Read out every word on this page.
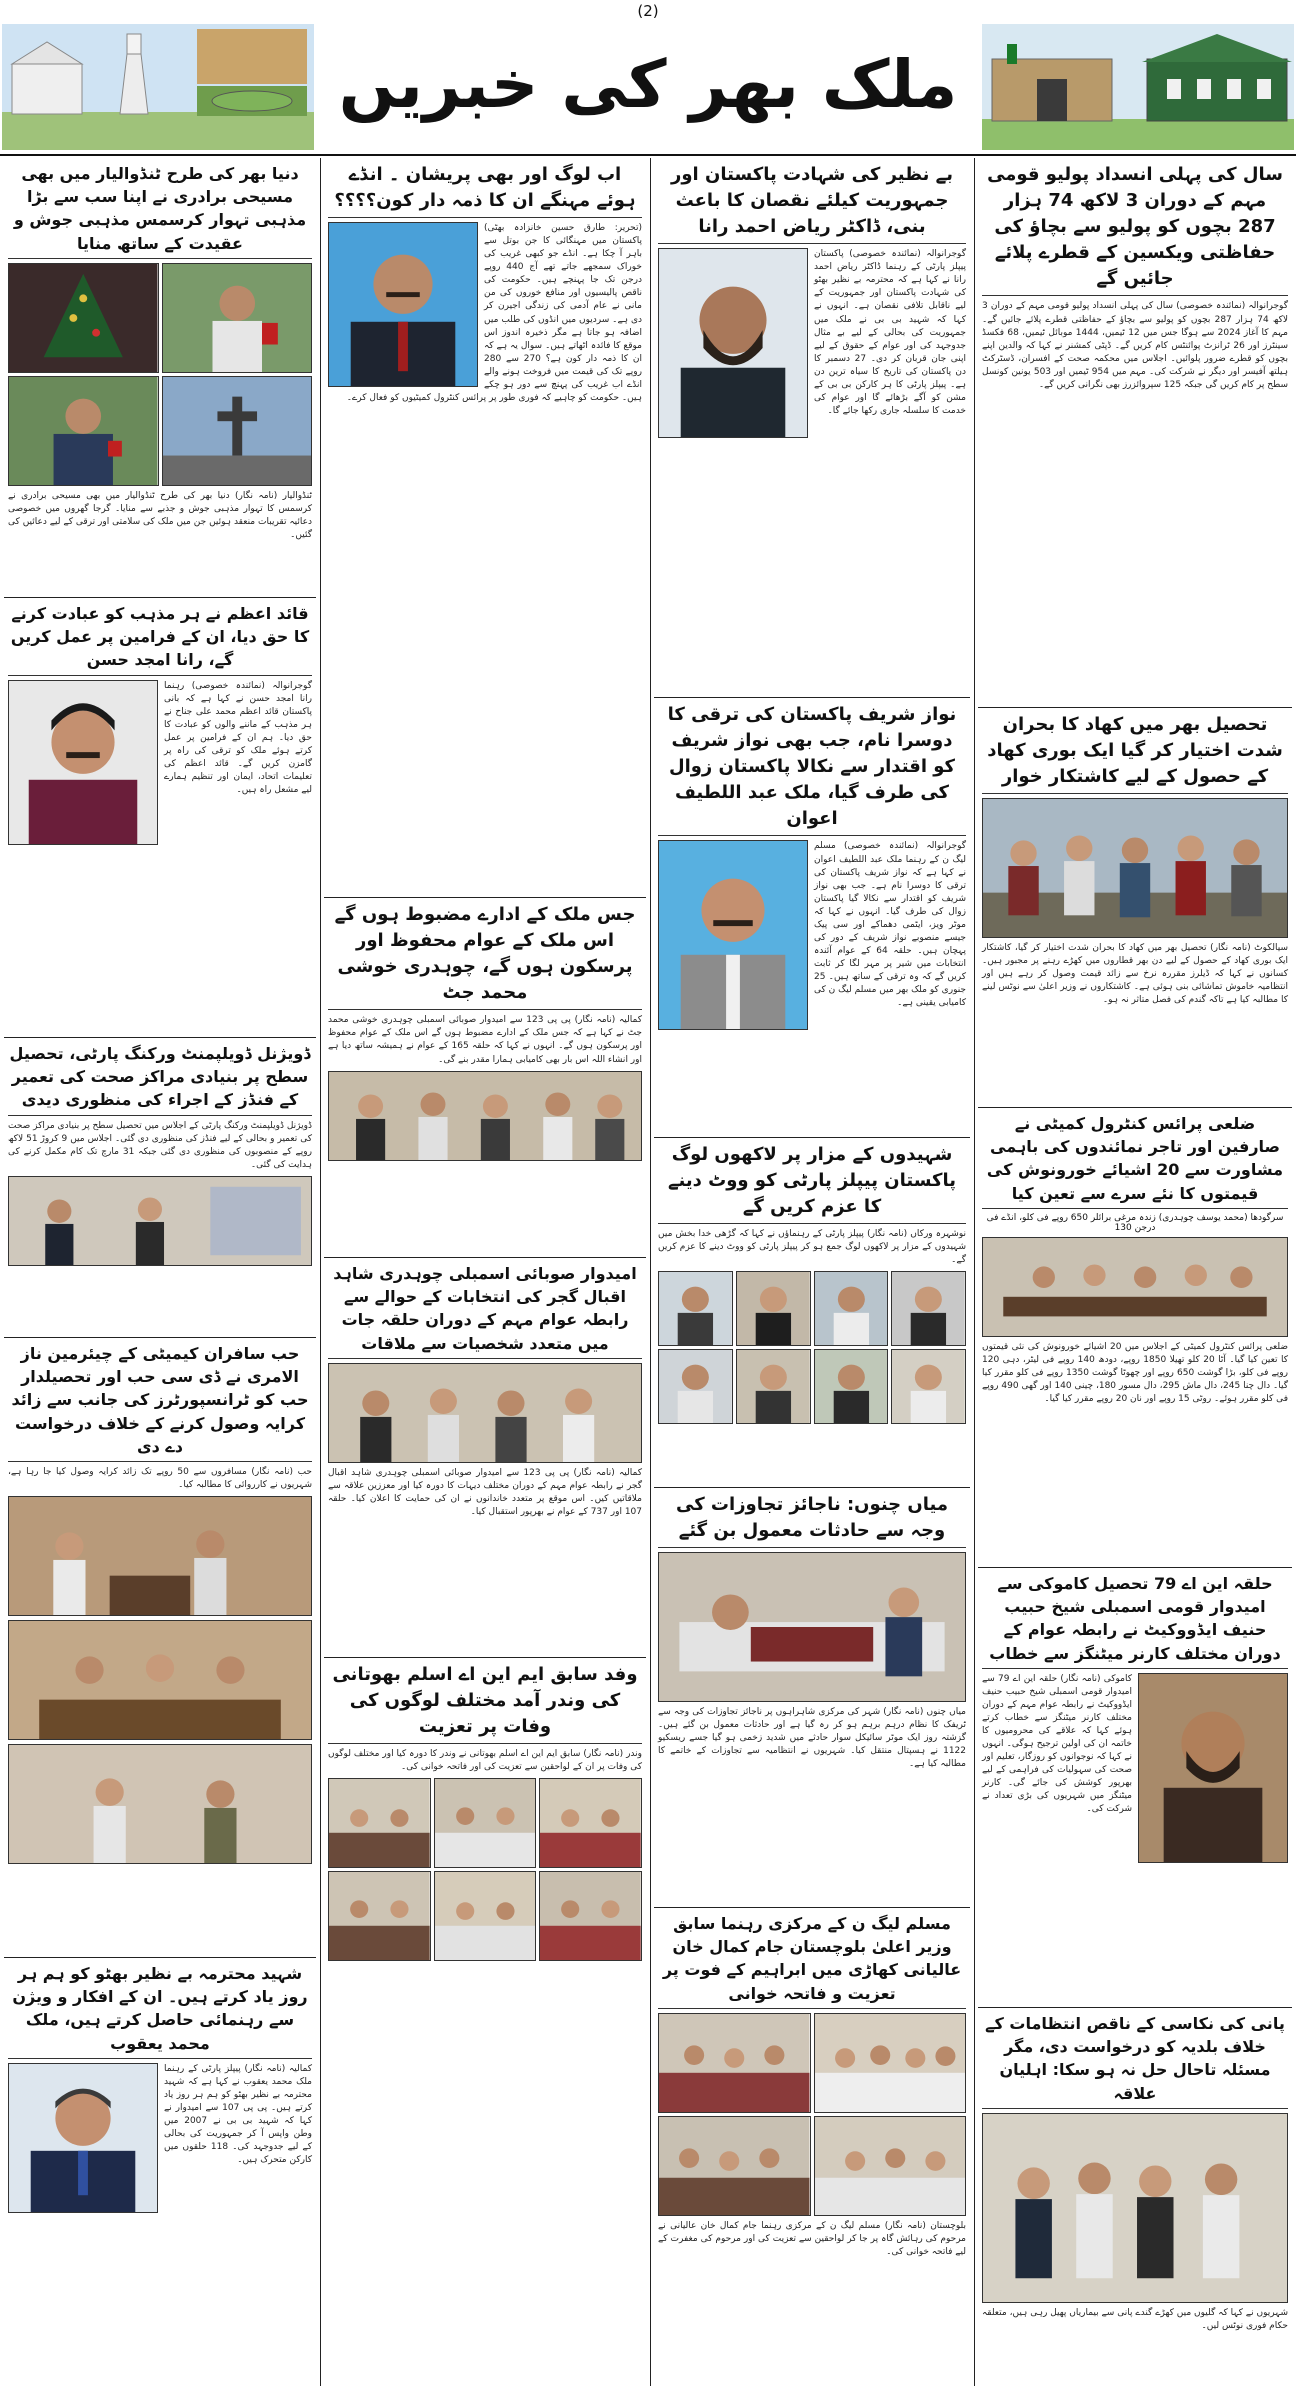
(2)
ملک بھر کی خبریں
سال کی پہلی انسداد پولیو قومی مہم کے دوران 3 لاکھ 74 ہزار 287 بچوں کو پولیو سے بچاؤ کی حفاظتی ویکسین کے قطرے پلائے جائیں گے
گوجرانوالہ (نمائندہ خصوصی) سال کی پہلی انسداد پولیو قومی مہم کے دوران 3 لاکھ 74 ہزار 287 بچوں کو پولیو سے بچاؤ کے حفاظتی قطرے پلائے جائیں گے۔ مہم کا آغاز 2024 سے ہوگا جس میں 12 ٹیمیں، 1444 موبائل ٹیمیں، 68 فکسڈ سینٹرز اور 26 ٹرانزٹ پوائنٹس کام کریں گے۔ ڈپٹی کمشنر نے کہا کہ والدین اپنے بچوں کو قطرے ضرور پلوائیں۔ اجلاس میں محکمہ صحت کے افسران، ڈسٹرکٹ ہیلتھ آفیسر اور دیگر نے شرکت کی۔ مہم میں 954 ٹیمیں اور 503 یونین کونسل سطح پر کام کریں گی جبکہ 125 سپروائزرز بھی نگرانی کریں گے۔
تحصیل بھر میں کھاد کا بحران شدت اختیار کر گیا ایک بوری کھاد کے حصول کے لیے کاشتکار خوار
سیالکوٹ (نامہ نگار) تحصیل بھر میں کھاد کا بحران شدت اختیار کر گیا، کاشتکار ایک بوری کھاد کے حصول کے لیے دن بھر قطاروں میں کھڑے رہنے پر مجبور ہیں۔ کسانوں نے کہا کہ ڈیلرز مقررہ نرخ سے زائد قیمت وصول کر رہے ہیں اور انتظامیہ خاموش تماشائی بنی ہوئی ہے۔ کاشتکاروں نے وزیر اعلیٰ سے نوٹس لینے کا مطالبہ کیا ہے تاکہ گندم کی فصل متاثر نہ ہو۔
ضلعی پرائس کنٹرول کمیٹی نے صارفین اور تاجر نمائندوں کی باہمی مشاورت سے 20 اشیائے خورونوش کی قیمتوں کا نئے سرے سے تعین کیا
سرگودھا (محمد یوسف چوہدری) زندہ مرغی برائلر 650 روپے فی کلو، انڈے فی درجن 130
ضلعی پرائس کنٹرول کمیٹی کے اجلاس میں 20 اشیائے خورونوش کی نئی قیمتوں کا تعین کیا گیا۔ آٹا 20 کلو تھیلا 1850 روپے، دودھ 140 روپے فی لیٹر، دہی 120 روپے فی کلو، بڑا گوشت 650 روپے اور چھوٹا گوشت 1350 روپے فی کلو مقرر کیا گیا۔ دال چنا 245، دال ماش 295، دال مسور 180، چینی 140 اور گھی 490 روپے فی کلو مقرر ہوئے۔ روٹی 15 روپے اور نان 20 روپے مقرر کیا گیا۔
حلقہ این اے 79 تحصیل کاموکی سے امیدوار قومی اسمبلی شیخ حبیب حنیف ایڈووکیٹ نے رابطہ عوام کے دوران مختلف کارنر میٹنگز سے خطاب
کاموکی (نامہ نگار) حلقہ این اے 79 سے امیدوار قومی اسمبلی شیخ حبیب حنیف ایڈووکیٹ نے رابطہ عوام مہم کے دوران مختلف کارنر میٹنگز سے خطاب کرتے ہوئے کہا کہ علاقے کی محرومیوں کا خاتمہ ان کی اولین ترجیح ہوگی۔ انہوں نے کہا کہ نوجوانوں کو روزگار، تعلیم اور صحت کی سہولیات کی فراہمی کے لیے بھرپور کوشش کی جائے گی۔ کارنر میٹنگز میں شہریوں کی بڑی تعداد نے شرکت کی۔
پانی کی نکاسی کے ناقص انتظامات کے خلاف بلدیہ کو درخواست دی، مگر مسئلہ تاحال حل نہ ہو سکا: اہلیان علاقہ
شہریوں نے کہا کہ گلیوں میں کھڑے گندے پانی سے بیماریاں پھیل رہی ہیں، متعلقہ حکام فوری نوٹس لیں۔
بے نظیر کی شہادت پاکستان اور جمہوریت کیلئے نقصان کا باعث بنی، ڈاکٹر ریاض احمد رانا
گوجرانوالہ (نمائندہ خصوصی) پاکستان پیپلز پارٹی کے رہنما ڈاکٹر ریاض احمد رانا نے کہا ہے کہ محترمہ بے نظیر بھٹو کی شہادت پاکستان اور جمہوریت کے لیے ناقابل تلافی نقصان ہے۔ انہوں نے کہا کہ شہید بی بی نے ملک میں جمہوریت کی بحالی کے لیے بے مثال جدوجہد کی اور عوام کے حقوق کے لیے اپنی جان قربان کر دی۔ 27 دسمبر کا دن پاکستان کی تاریخ کا سیاہ ترین دن ہے۔ پیپلز پارٹی کا ہر کارکن بی بی کے مشن کو آگے بڑھائے گا اور عوام کی خدمت کا سلسلہ جاری رکھا جائے گا۔
نواز شریف پاکستان کی ترقی کا دوسرا نام، جب بھی نواز شریف کو اقتدار سے نکالا پاکستان زوال کی طرف گیا، ملک عبد اللطیف اعوان
گوجرانوالہ (نمائندہ خصوصی) مسلم لیگ ن کے رہنما ملک عبد اللطیف اعوان نے کہا ہے کہ نواز شریف پاکستان کی ترقی کا دوسرا نام ہے۔ جب بھی نواز شریف کو اقتدار سے نکالا گیا پاکستان زوال کی طرف گیا۔ انہوں نے کہا کہ موٹر ویز، ایٹمی دھماکے اور سی پیک جیسے منصوبے نواز شریف کے دور کی پہچان ہیں۔ حلقہ 64 کے عوام آئندہ انتخابات میں شیر پر مہر لگا کر ثابت کریں گے کہ وہ ترقی کے ساتھ ہیں۔ 25 جنوری کو ملک بھر میں مسلم لیگ ن کی کامیابی یقینی ہے۔
شہیدوں کے مزار پر لاکھوں لوگ پاکستان پیپلز پارٹی کو ووٹ دینے کا عزم کریں گے
نوشہرہ ورکاں (نامہ نگار) پیپلز پارٹی کے رہنماؤں نے کہا کہ گڑھی خدا بخش میں شہیدوں کے مزار پر لاکھوں لوگ جمع ہو کر پیپلز پارٹی کو ووٹ دینے کا عزم کریں گے۔
میاں چنوں: ناجائز تجاوزات کی وجہ سے حادثات معمول بن گئے
میاں چنوں (نامہ نگار) شہر کی مرکزی شاہراہوں پر ناجائز تجاوزات کی وجہ سے ٹریفک کا نظام درہم برہم ہو کر رہ گیا ہے اور حادثات معمول بن گئے ہیں۔ گزشتہ روز ایک موٹر سائیکل سوار حادثے میں شدید زخمی ہو گیا جسے ریسکیو 1122 نے ہسپتال منتقل کیا۔ شہریوں نے انتظامیہ سے تجاوزات کے خاتمے کا مطالبہ کیا ہے۔
مسلم لیگ ن کے مرکزی رہنما سابق وزیر اعلیٰ بلوچستان جام کمال خان عالیانی کھاڑی میں ابراہیم کے فوت پر تعزیت و فاتحہ خوانی
بلوچستان (نامہ نگار) مسلم لیگ ن کے مرکزی رہنما جام کمال خان عالیانی نے مرحوم کی رہائش گاہ پر جا کر لواحقین سے تعزیت کی اور مرحوم کی مغفرت کے لیے فاتحہ خوانی کی۔
اب لوگ اور بھی پریشان ۔ انڈے ہوئے مہنگے ان کا ذمہ دار کون؟؟؟؟
(تحریر: طارق حسین خانزادہ بھٹی) پاکستان میں مہنگائی کا جن بوتل سے باہر آ چکا ہے۔ انڈے جو کبھی غریب کی خوراک سمجھے جاتے تھے آج 440 روپے درجن تک جا پہنچے ہیں۔ حکومت کی ناقص پالیسیوں اور منافع خوروں کی من مانی نے عام آدمی کی زندگی اجیرن کر دی ہے۔ سردیوں میں انڈوں کی طلب میں اضافہ ہو جاتا ہے مگر ذخیرہ اندوز اس موقع کا فائدہ اٹھاتے ہیں۔ سوال یہ ہے کہ ان کا ذمہ دار کون ہے؟ 270 سے 280 روپے تک کی قیمت میں فروخت ہونے والے انڈے اب غریب کی پہنچ سے دور ہو چکے ہیں۔ حکومت کو چاہیے کہ فوری طور پر پرائس کنٹرول کمیٹیوں کو فعال کرے۔
جس ملک کے ادارے مضبوط ہوں گے اس ملک کے عوام محفوظ اور پرسکون ہوں گے، چوہدری خوشی محمد جٹ
کمالیہ (نامہ نگار) پی پی 123 سے امیدوار صوبائی اسمبلی چوہدری خوشی محمد جٹ نے کہا ہے کہ جس ملک کے ادارے مضبوط ہوں گے اس ملک کے عوام محفوظ اور پرسکون ہوں گے۔ انہوں نے کہا کہ حلقہ 165 کے عوام نے ہمیشہ ساتھ دیا ہے اور انشاء اللہ اس بار بھی کامیابی ہمارا مقدر بنے گی۔
امیدوار صوبائی اسمبلی چوہدری شاہد اقبال گجر کی انتخابات کے حوالے سے رابطہ عوام مہم کے دوران حلقہ جات میں متعدد شخصیات سے ملاقات
کمالیہ (نامہ نگار) پی پی 123 سے امیدوار صوبائی اسمبلی چوہدری شاہد اقبال گجر نے رابطہ عوام مہم کے دوران مختلف دیہات کا دورہ کیا اور معززین علاقہ سے ملاقاتیں کیں۔ اس موقع پر متعدد خاندانوں نے ان کی حمایت کا اعلان کیا۔ حلقہ 107 اور 737 کے عوام نے بھرپور استقبال کیا۔
وفد سابق ایم این اے اسلم بھوتانی کی وندر آمد مختلف لوگوں کی وفات پر تعزیت
وندر (نامہ نگار) سابق ایم این اے اسلم بھوتانی نے وندر کا دورہ کیا اور مختلف لوگوں کی وفات پر ان کے لواحقین سے تعزیت کی اور فاتحہ خوانی کی۔
دنیا بھر کی طرح ٹنڈوالیار میں بھی مسیحی برادری نے اپنا سب سے بڑا مذہبی تہوار کرسمس مذہبی جوش و عقیدت کے ساتھ منایا
ٹنڈوالیار (نامہ نگار) دنیا بھر کی طرح ٹنڈوالیار میں بھی مسیحی برادری نے کرسمس کا تہوار مذہبی جوش و جذبے سے منایا۔ گرجا گھروں میں خصوصی دعائیہ تقریبات منعقد ہوئیں جن میں ملک کی سلامتی اور ترقی کے لیے دعائیں کی گئیں۔
قائد اعظم نے ہر مذہب کو عبادت کرنے کا حق دیا، ان کے فرامین پر عمل کریں گے، رانا امجد حسن
گوجرانوالہ (نمائندہ خصوصی) رہنما رانا امجد حسن نے کہا ہے کہ بانی پاکستان قائد اعظم محمد علی جناح نے ہر مذہب کے ماننے والوں کو عبادت کا حق دیا۔ ہم ان کے فرامین پر عمل کرتے ہوئے ملک کو ترقی کی راہ پر گامزن کریں گے۔ قائد اعظم کی تعلیمات اتحاد، ایمان اور تنظیم ہمارے لیے مشعل راہ ہیں۔
ڈویژنل ڈویلپمنٹ ورکنگ پارٹی، تحصیل سطح پر بنیادی مراکز صحت کی تعمیر کے فنڈز کے اجراء کی منظوری دیدی
ڈویژنل ڈویلپمنٹ ورکنگ پارٹی کے اجلاس میں تحصیل سطح پر بنیادی مراکز صحت کی تعمیر و بحالی کے لیے فنڈز کی منظوری دی گئی۔ اجلاس میں 9 کروڑ 51 لاکھ روپے کے منصوبوں کی منظوری دی گئی جبکہ 31 مارچ تک کام مکمل کرنے کی ہدایت کی گئی۔
حب سافران کیمیٹی کے چیئرمین ناز الامری نے ڈی سی حب اور تحصیلدار حب کو ٹرانسپورٹرز کی جانب سے زائد کرایہ وصول کرنے کے خلاف درخواست دے دی
حب (نامہ نگار) مسافروں سے 50 روپے تک زائد کرایہ وصول کیا جا رہا ہے، شہریوں نے کارروائی کا مطالبہ کیا۔
شہید محترمہ بے نظیر بھٹو کو ہم ہر روز یاد کرتے ہیں۔ ان کے افکار و ویژن سے رہنمائی حاصل کرتے ہیں، ملک محمد یعقوب
کمالیہ (نامہ نگار) پیپلز پارٹی کے رہنما ملک محمد یعقوب نے کہا ہے کہ شہید محترمہ بے نظیر بھٹو کو ہم ہر روز یاد کرتے ہیں۔ پی پی 107 سے امیدوار نے کہا کہ شہید بی بی نے 2007 میں وطن واپس آ کر جمہوریت کی بحالی کے لیے جدوجہد کی۔ 118 حلقوں میں کارکن متحرک ہیں۔
